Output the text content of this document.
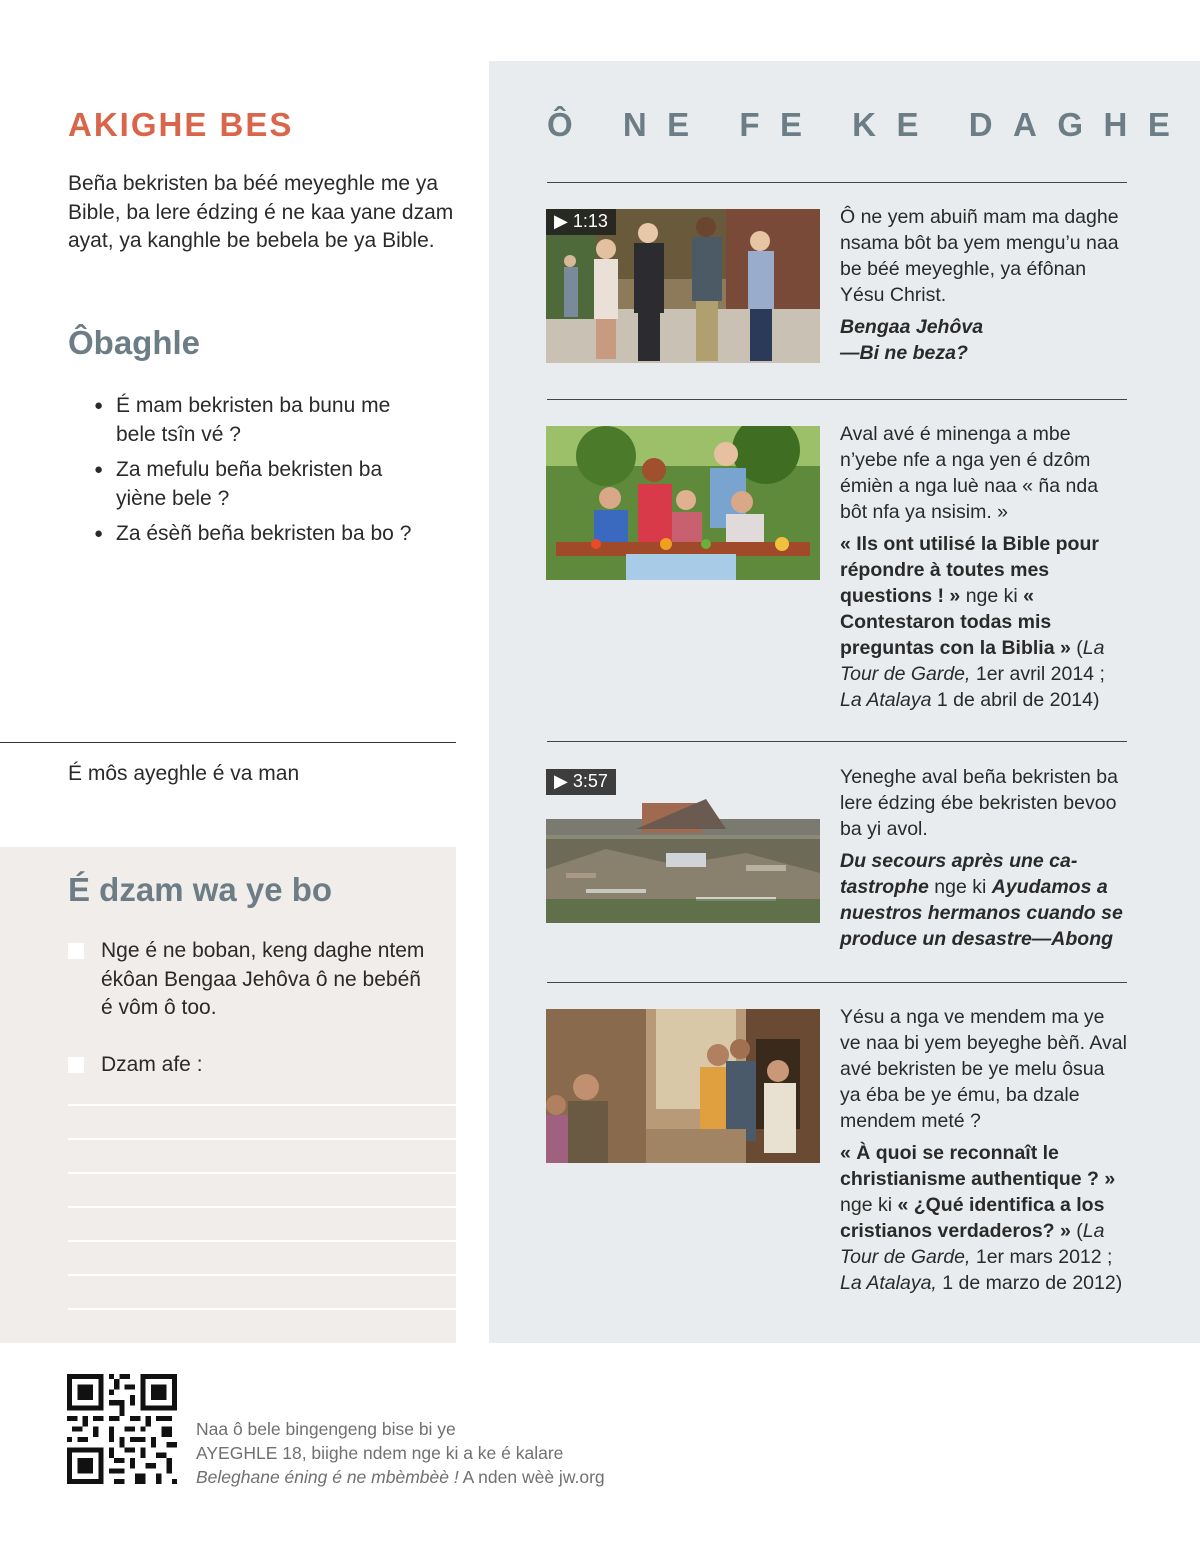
AKIGHE BES
Beña bekristen ba béé meyeghle me ya Bible, ba lere édzing é ne kaa yane dzam ayat, ya kanghle be bebela be ya Bible.
Ôbaghle
● É mam bekristen ba bunu me bele tsîn vé ?
● Za mefulu beña bekristen ba yiène bele ?
● Za ésèñ beña bekristen ba bo ?
É môs ayeghle é va man
É dzam wa ye bo
Nge é ne boban, keng daghe ntem ékôan Bengaa Jehôva ô ne bebéñ é vôm ô too.
Dzam afe :
Ô NE FE KE DAGHE
▶ 1:13	Ô ne yem abuiñ mam ma daghe nsama bôt ba yem mengu’u naa be béé meyeghle, ya éfônan Yésu Christ.

Bengaa Jehôva —Bi ne beza?

Aval avé é minenga a mbe n’yebe nfe a nga yen é dzôm émièn a nga luè naa « ña nda bôt nfa ya nsisim. »

« Ils ont utilisé la Bible pour répondre à toutes mes questions ! » nge ki « Contestaron todas mis preguntas con la Biblia » (La Tour de Garde, 1er avril 2014 ; La Atalaya 1 de abril de 2014)

▶ 3:57	Yeneghe aval beña bekristen ba lere édzing ébe bekristen bevoo ba yi avol.

Du secours après une ca-tastrophe nge ki Ayudamos a nuestros hermanos cuando se produce un desastre—Abong

Yésu a nga ve mendem ma ye ve naa bi yem beyeghe bèñ. Aval avé bekristen be ye melu ôsua ya éba be ye ému, ba dzale mendem meté ?

« À quoi se reconnaît le christianisme authentique ? » nge ki « ¿Qué identifica a los cristianos verdaderos? » (La Tour de Garde, 1er mars 2012 ; La Atalaya, 1 de marzo de 2012)

Naa ô bele bingengeng bise bi ye
AYEGHLE 18, biighe ndem nge ki a ke é kalare
Beleghane éning é ne mbèmbèè ! A nden wèè jw.org
